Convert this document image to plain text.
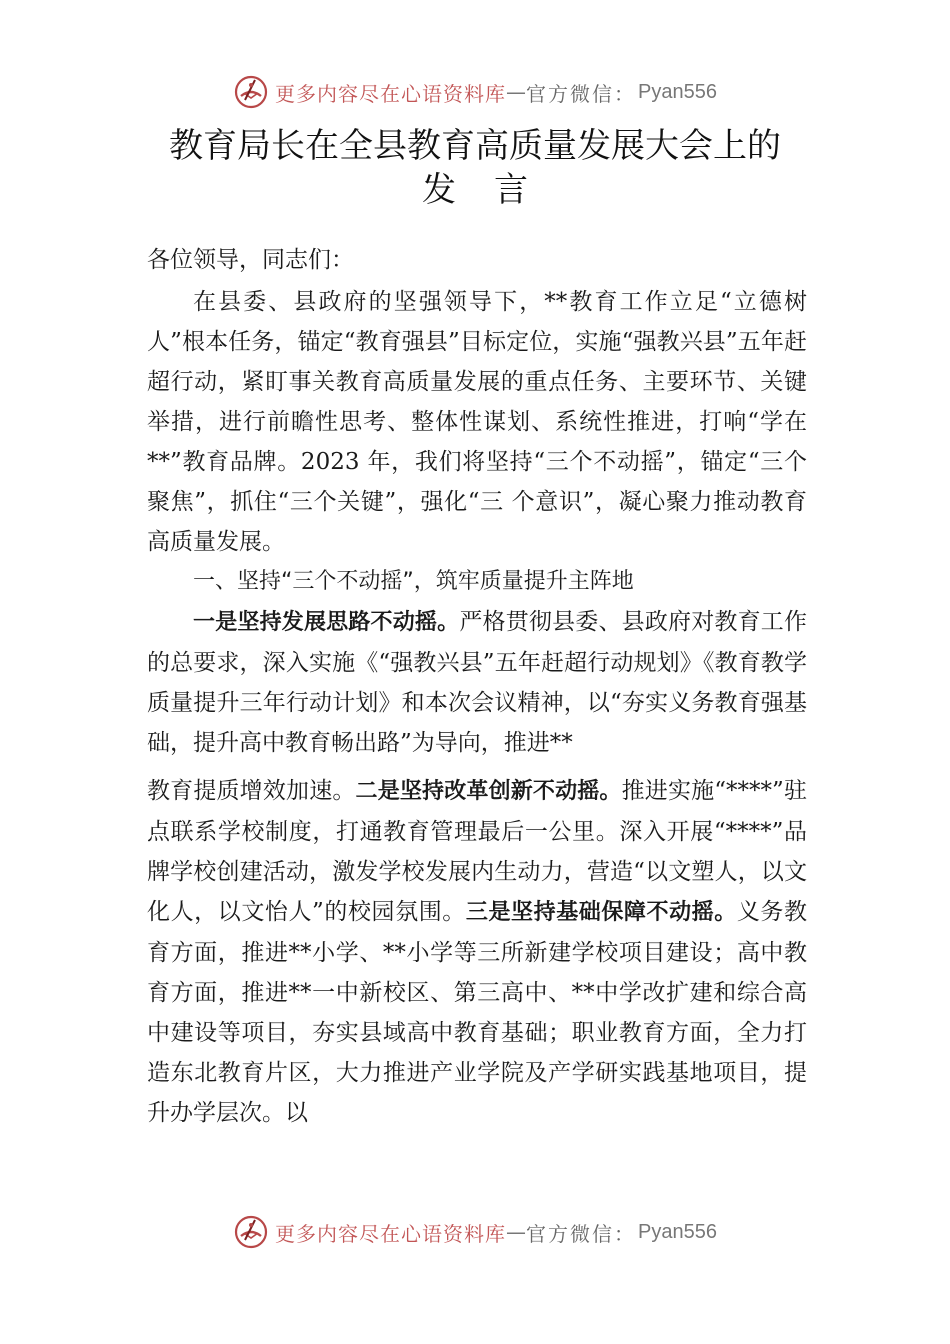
更多内容尽在心语资料库 — 官方微信： Pyan556
教育局长在全县教育高质量发展大会上的
发言

各位领导，同志们：

在县委、县政府的坚强领导下，**教育工作立足“立德树人”根本任务，锚定“教育强县”目标定位，实施“强教兴县”五年赶超行动，紧盯事关教育高质量发展的重点任务、主要环节、关键举措，进行前瞻性思考、整体性谋划、系统性推进，打响“学在**”教育品牌。2023 年，我们将坚持“三个不动摇”，锚定“三个聚焦”，抓住“三个关键”，强化“三 个意识”，凝心聚力推动教育高质量发展。

一、坚持“三个不动摇”，筑牢质量提升主阵地

一是坚持发展思路不动摇。严格贯彻县委、县政府对教育工作的总要求，深入实施《“强教兴县”五年赶超行动规划》《教育教学质量提升三年行动计划》和本次会议精神，以“夯实义务教育强基础，提升高中教育畅出路”为导向，推进**

教育提质增效加速。二是坚持改革创新不动摇。推进实施“****”驻点联系学校制度，打通教育管理最后一公里。深入开展“****”品牌学校创建活动，激发学校发展内生动力，营造“以文塑人，以文化人，以文怡人”的校园氛围。三是坚持基础保障不动摇。义务教育方面，推进**小学、**小学等三所新建学校项目建设；高中教育方面，推进**一中新校区、第三高中、**中学改扩建和综合高中建设等项目，夯实县域高中教育基础；职业教育方面，全力打造东北教育片区，大力推进产业学院及产学研实践基地项目，提升办学层次。以

更多内容尽在心语资料库 — 官方微信： Pyan556
